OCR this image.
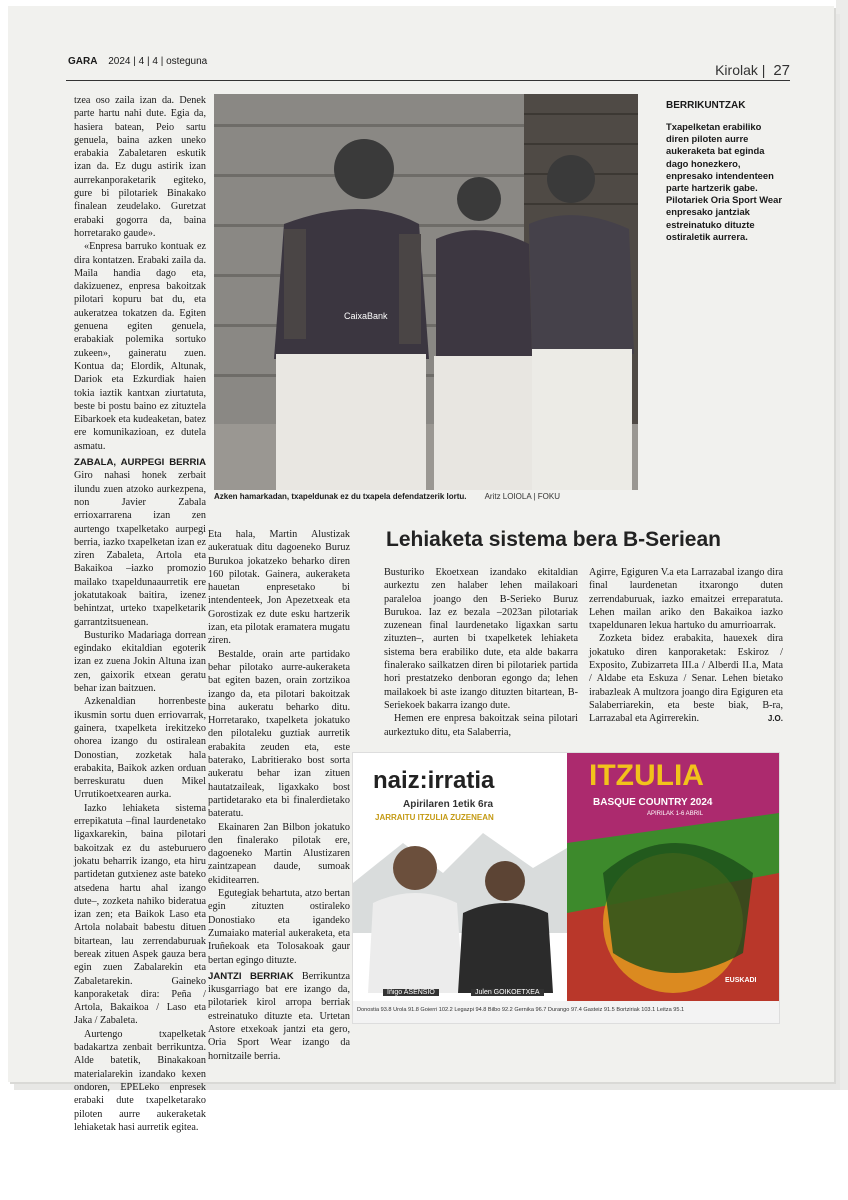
GARA 2024 | 4 | 4 | osteguna
Kirolak | 27

tzea oso zaila izan da. Denek parte hartu nahi dute. Egia da, hasiera batean, Peio sartu genuela, baina azken uneko erabakia Zabaletaren eskutik izan da. Ez dugu astirik izan aurrekanporaketarik egiteko, gure bi pilotariek Binakako finalean zeudelako. Guretzat erabaki gogorra da, baina horretarako gaude».

«Enpresa barruko kontuak ez dira kontatzen. Erabaki zaila da. Maila handia dago eta, dakizuenez, enpresa bakoitzak pilotari kopuru bat du, eta aukeratzea tokatzen da. Egiten genuena egiten genuela, erabakiak polemika sortuko zukeen», gaineratu zuen. Kontua da; Elordik, Altunak, Dariok eta Ezkurdiak haien tokia iaztik kantxan ziurtatuta, beste bi postu baino ez zituztela Eibarkoek eta kudeaketan, batez ere komunikazioan, ez dutela asmatu.

ZABALA, AURPEGI BERRIA Giro nahasi honek zerbait ilundu zuen atzoko aurkezpena, non Javier Zabala errioxarrarena izan zen aurtengo txapelketako aurpegi berria, iazko txapelketan izan ez ziren Zabaleta, Artola eta Bakaikoa –iazko promozio mailako txapeldunaaurretik ere jokatutakoak baitira, izenez behintzat, urteko txapelketarik garrantzitsuenean.

Busturiko Madariaga dorrean egindako ekitaldian egoterik izan ez zuena Jokin Altuna izan zen, gaixorik etxean geratu behar izan baitzuen.

Azkenaldian horrenbeste ikusmin sortu duen erriovarrak, gainera, txapelketa irekitzeko ohorea izango du ostiralean Donostian, zozketak hala erabakita, Baikok azken orduan berreskuratu duen Mikel Urrutikoetxearen aurka.

Iazko lehiaketa sistema errepikatuta –final laurdenetako ligaxkarekin, baina pilotari bakoitzak ez du asteburuero jokatu beharrik izango, eta hiru partidetan gutxienez aste bateko atsedena hartu ahal izango dute–, zozketa nahiko bideratua izan zen; eta Baikok Laso eta Artola nolabait babestu dituen bitartean, lau zerrendaburuak bereak zituen Aspek gauza bera egin zuen Zabalarekin eta Zabaletarekin. Gaineko kanporaketak dira: Peña / Artola, Bakaikoa / Laso eta Jaka / Zabaleta.

Aurtengo txapelketak badakartza zenbait berrikuntza. Alde batetik, Binakakoan materialarekin izandako kexen ondoren, EPELeko enpresek erabaki dute txapelketarako piloten aurre aukeraketak lehiaketak hasi aurretik egitea.

CaixaBank
Azken hamarkadan, txapeldunak ez du txapela defendatzerik lortu. Aritz LOIOLA | FOKU
BERRIKUNTZAK
Txapelketan erabiliko diren piloten aurre aukeraketa bat eginda dago honezkero, enpresako intendenteen parte hartzerik gabe. Pilotariek Oria Sport Wear enpresako jantziak estreinatuko dituzte ostiraletik aurrera.

Eta hala, Martin Alustizak aukeratuak ditu dagoeneko Buruz Burukoa jokatzeko beharko diren 160 pilotak. Gainera, aukeraketa hauetan enpresetako bi intendenteek, Jon Apezetxeak eta Gorostizak ez dute esku hartzerik izan, eta pilotak eramatera mugatu ziren.

Bestalde, orain arte partidako behar pilotako aurre-aukeraketa bat egiten bazen, orain zortzikoa izango da, eta pilotari bakoitzak bina aukeratu beharko ditu. Horretarako, txapelketa jokatuko den pilotaleku guztiak aurretik erabakita zeuden eta, este baterako, Labritierako bost sorta aukeratu behar izan zituen hautatzaileak, ligaxkako bost partidetarako eta bi finalerdietako bateratu.

Ekainaren 2an Bilbon jokatuko den finalerako pilotak ere, dagoeneko Martin Alustizaren zaintzapean daude, sumoak ekiditearren.

Egutegiak behartuta, atzo bertan egin zituzten ostiraleko Donostiako eta igandeko Zumaiako material aukeraketa, eta Iruñekoak eta Tolosakoak gaur bertan egingo dituzte.

JANTZI BERRIAK Berrikuntza ikusgarriago bat ere izango da, pilotariek kirol arropa berriak estreinatuko dituzte eta. Urtetan Astore etxekoak jantzi eta gero, Oria Sport Wear izango da hornitzaile berria.

Lehiaketa sistema bera B-Seriean

Busturiko Ekoetxean izandako ekitaldian aurkeztu zen halaber lehen mailakoari paraleloa joango den B-Serieko Buruz Burukoa. Iaz ez bezala –2023an pilotariak zuzenean final laurdenetako ligaxkan sartu zituzten–, aurten bi txapelketek lehiaketa sistema bera erabiliko dute, eta alde bakarra finalerako sailkatzen diren bi pilotariek partida hori prestatzeko denboran egongo da; lehen mailakoek bi aste izango dituzten bitartean, B-Seriekoek bakarra izango dute.

Hemen ere enpresa bakoitzak seina pilotari aurkeztuko ditu, eta Salaberria,

Agirre, Egiguren V.a eta Larrazabal izango dira final laurdenetan itxarongo duten zerrendaburuak, iazko emaitzei erreparatuta. Lehen mailan ariko den Bakaikoa iazko txapeldunaren lekua hartuko du amurrioarrak.

Zozketa bidez erabakita, hauexek dira jokatuko diren kanporaketak: Eskiroz / Exposito, Zubizarreta III.a / Alberdi II.a, Mata / Aldabe eta Eskuza / Senar. Lehen bietako irabazleak A multzora joango dira Egiguren eta Salaberriarekin, eta beste biak, B-ra, Larrazabal eta Agirrerekin.	J.O.

naiz:irratia
Apirilaren 1etik 6ra
JARRAITU ITZULIA ZUZENEAN
ITZULIA
BASQUE COUNTRY 2024
APIRILAK 1-6 ABRIL
Iñigo ASENSIO	Julen GOIKOETXEA
EUSKADI
Donostia 93.8 Urola 91.8 Goierri 102.2 Legazpi 94.8 Bilbo 92.2 Gernika 96.7 Durango 97.4 Gasteiz 91.5 Bortziriak 103.1 Leitza 95.1
